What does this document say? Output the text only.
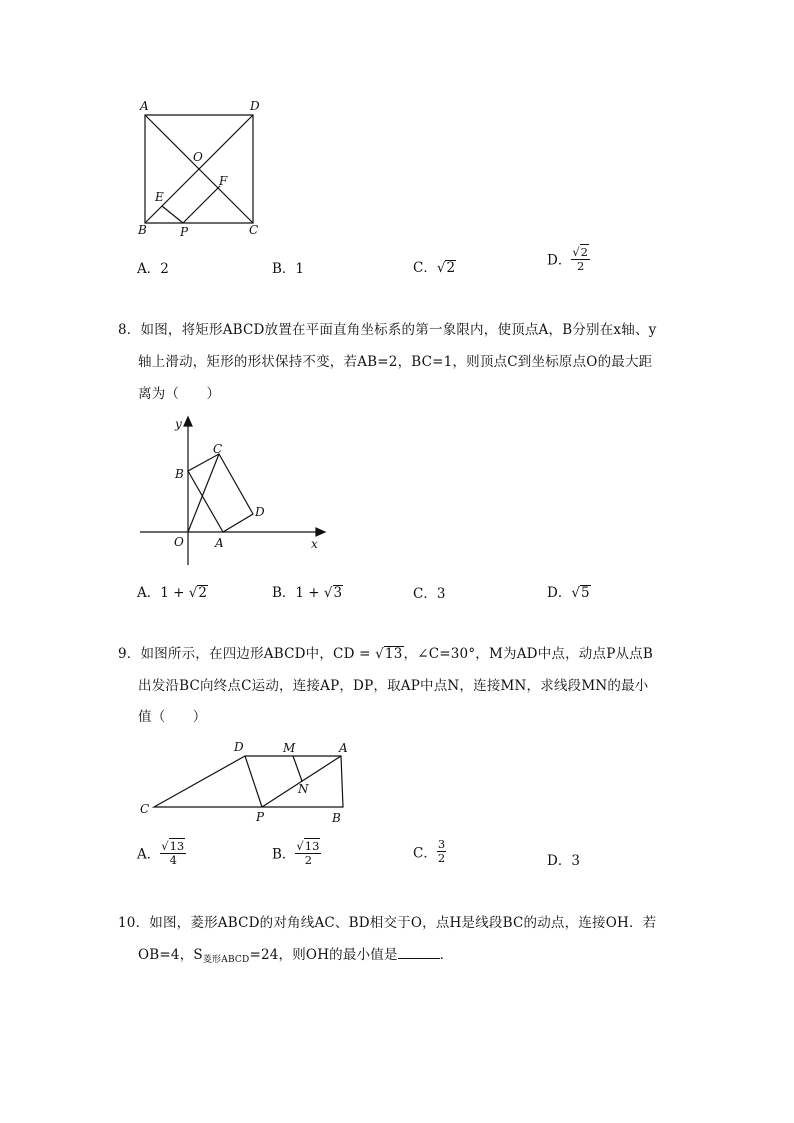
A	D
O
E
F
B	P	C
A．2	B．1	C．√2	D． $\frac{√2}{2}$
8．如图，将矩形ABCD放置在平面直角坐标系的第一象限内，使顶点A，B分别在x轴、y
轴上滑动，矩形的形状保持不变，若AB=2，BC=1，则顶点C到坐标原点O的最大距
离为（　　）
y
x
O	A
B
C
D
A．1 + √2	B．1 + √3	C．3	D．√5
9．如图所示，在四边形ABCD中，CD = √13，∠C=30°，M为AD中点，动点P从点B
出发沿BC向终点C运动，连接AP，DP，取AP中点N，连接MN，求线段MN的最小
值（　　）
D	M	A
N
C
P	B
A． $\frac{√13}{4}$	B． $\frac{√13}{2}$	C． $\frac{3}{2}$	D．3
10．如图，菱形ABCD的对角线AC、BD相交于O，点H是线段BC的动点，连接OH．若
OB=4，$S_{菱形ABCD}=24$，则OH的最小值是	．
